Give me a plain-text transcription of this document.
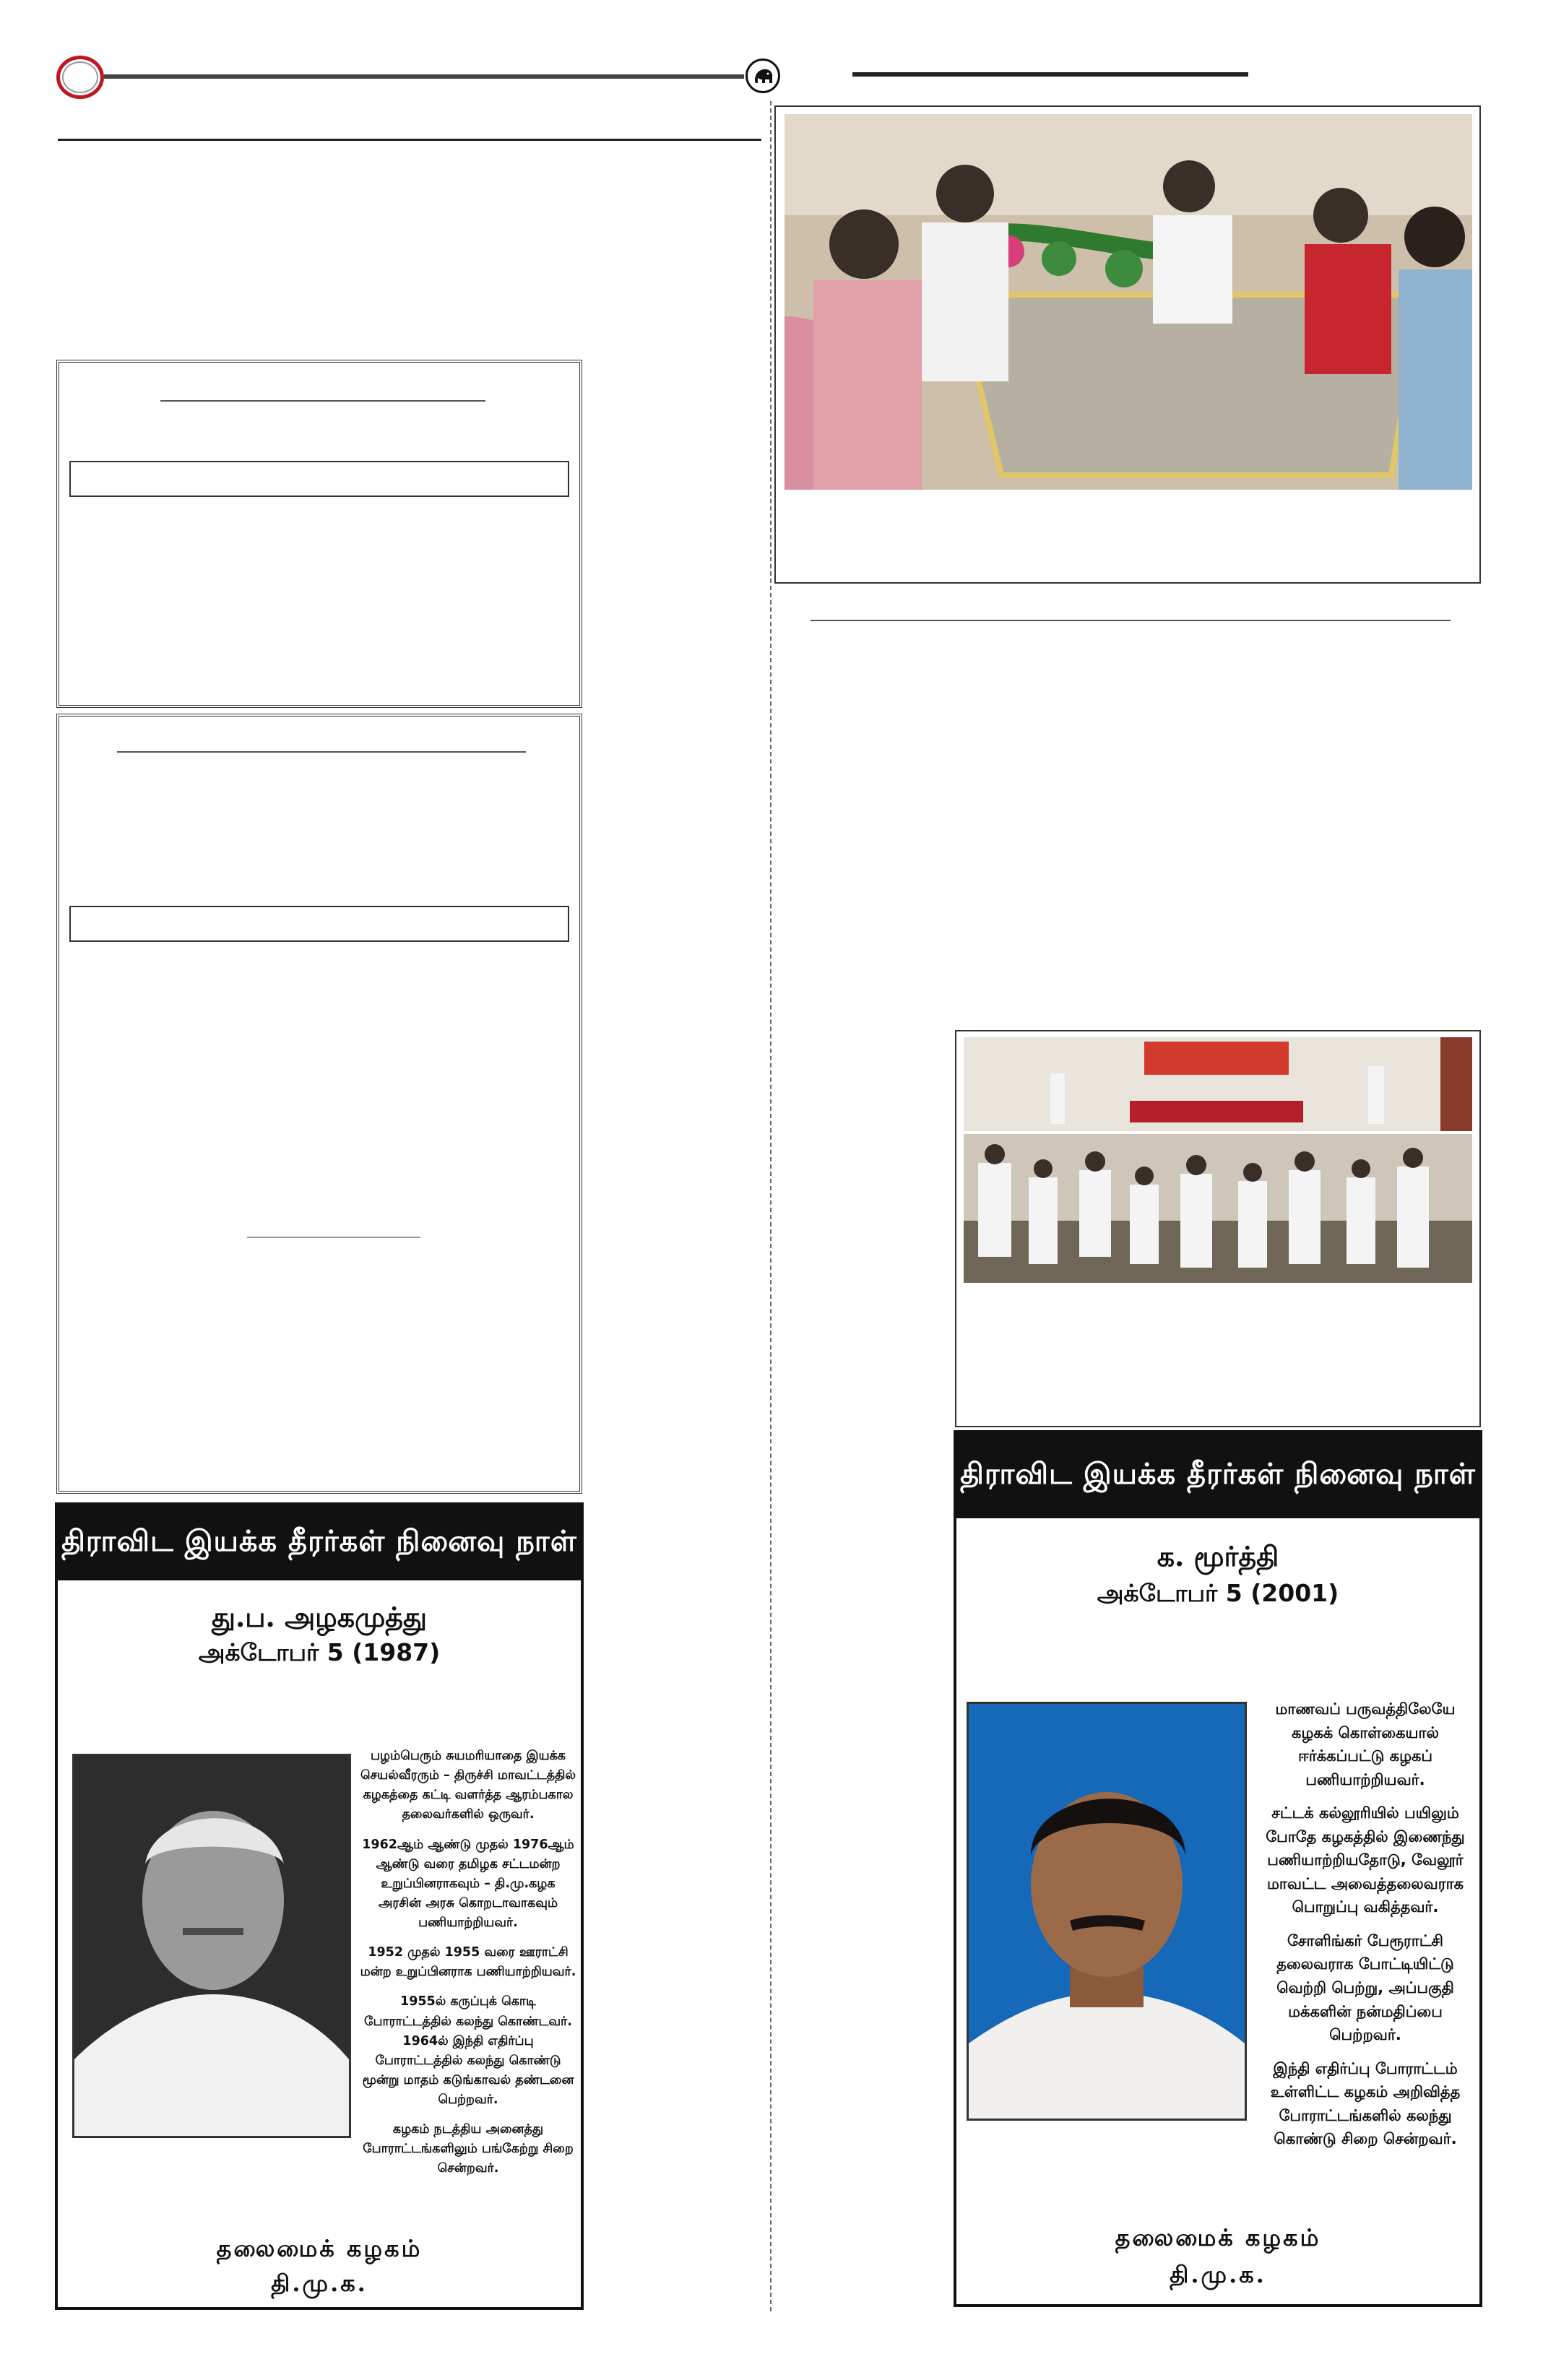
திராவிட இயக்க தீரர்கள் நினைவு நாள்
து.ப. அழகமுத்து
அக்டோபர் 5 (1987)

பழம்பெரும் சுயமரியாதை இயக்க செயல்வீரரும் – திருச்சி மாவட்டத்தில் கழகத்தை கட்டி வளர்த்த ஆரம்பகால தலைவர்களில் ஒருவர்.

1962ஆம் ஆண்டு முதல் 1976ஆம் ஆண்டு வரை தமிழக சட்டமன்ற உறுப்பினராகவும் – தி.மு.கழக அரசின் அரசு கொறடாவாகவும் பணியாற்றியவர்.

1952 முதல் 1955 வரை ஊராட்சி மன்ற உறுப்பினராக பணியாற்றியவர்.

1955ல் கருப்புக் கொடி போராட்டத்தில் கலந்து கொண்டவர். 1964ல் இந்தி எதிர்ப்பு போராட்டத்தில் கலந்து கொண்டு மூன்று மாதம் கடுங்காவல் தண்டனை பெற்றவர்.

கழகம் நடத்திய அனைத்து போராட்டங்களிலும் பங்கேற்று சிறை சென்றவர்.

தலைமைக் கழகம்
தி.மு.க.
திராவிட இயக்க தீரர்கள் நினைவு நாள்
க. மூர்த்தி
அக்டோபர் 5 (2001)

மாணவப் பருவத்திலேயே கழகக் கொள்கையால் ஈர்க்கப்பட்டு கழகப் பணியாற்றியவர்.

சட்டக் கல்லூரியில் பயிலும் போதே கழகத்தில் இணைந்து பணியாற்றியதோடு, வேலூர் மாவட்ட அவைத்தலைவராக பொறுப்பு வகித்தவர்.

சோளிங்கர் பேரூராட்சி தலைவராக போட்டியிட்டு வெற்றி பெற்று, அப்பகுதி மக்களின் நன்மதிப்பை பெற்றவர்.

இந்தி எதிர்ப்பு போராட்டம் உள்ளிட்ட கழகம் அறிவித்த போராட்டங்களில் கலந்து கொண்டு சிறை சென்றவர்.

தலைமைக் கழகம்
தி.மு.க.
